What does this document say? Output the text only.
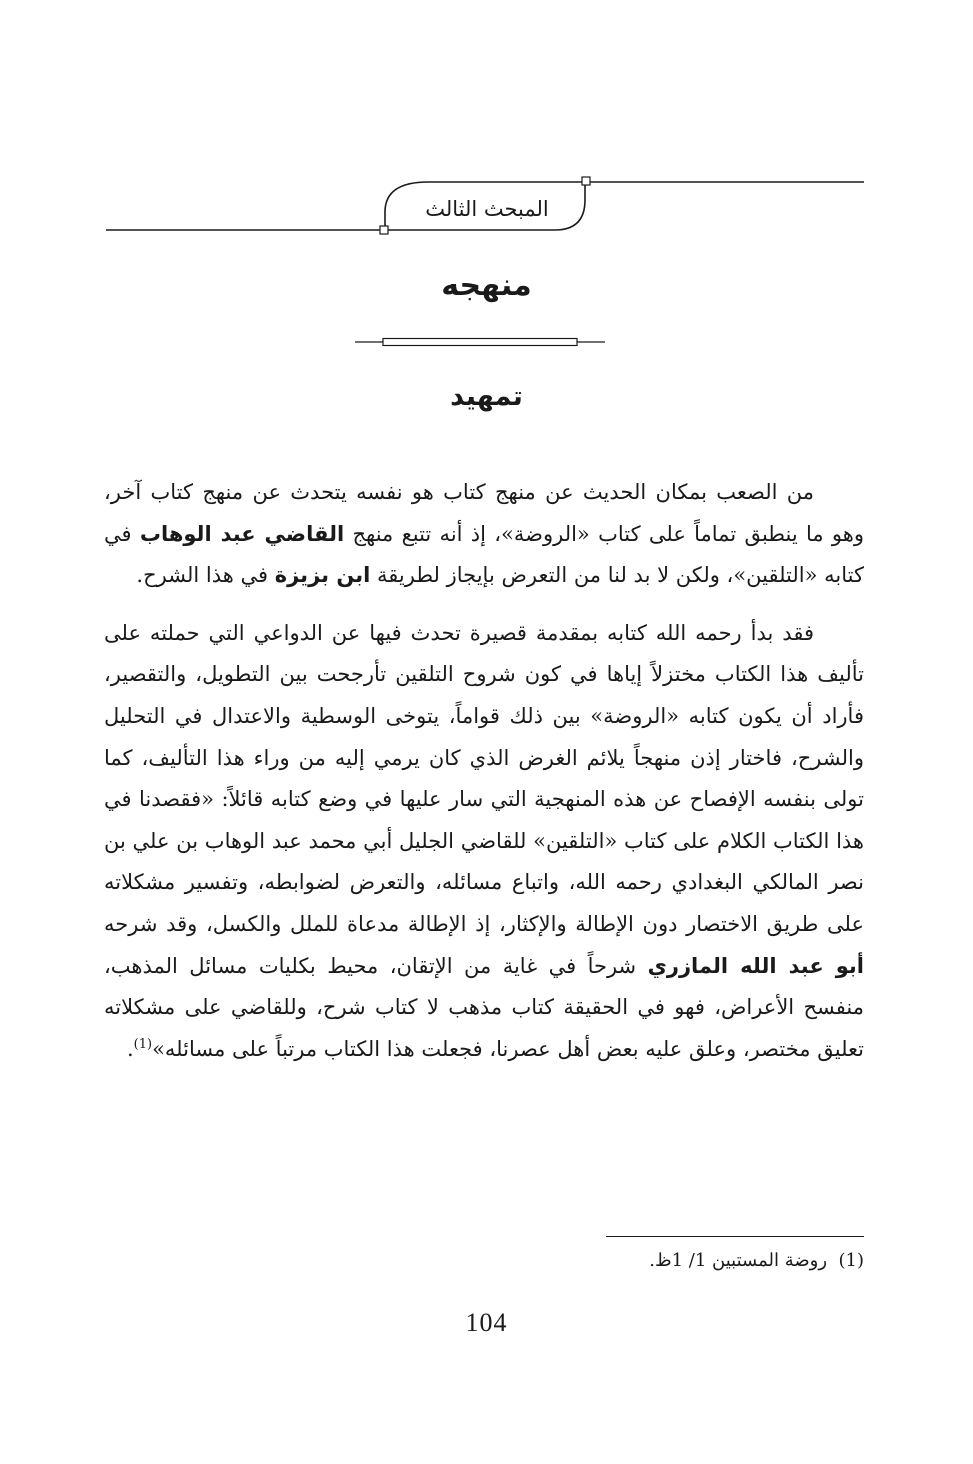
المبحث الثالث
منهجه
تمهيد

من الصعب بمكان الحديث عن منهج كتاب هو نفسه يتحدث عن منهج كتاب آخر، وهو ما ينطبق تماماً على كتاب «الروضة»، إذ أنه تتبع منهج القاضي عبد الوهاب في كتابه «التلقين»، ولكن لا بد لنا من التعرض بإيجاز لطريقة ابن بزيزة في هذا الشرح.

فقد بدأ رحمه الله كتابه بمقدمة قصيرة تحدث فيها عن الدواعي التي حملته على تأليف هذا الكتاب مختزلاً إياها في كون شروح التلقين تأرجحت بين التطويل، والتقصير، فأراد أن يكون كتابه «الروضة» بين ذلك قواماً، يتوخى الوسطية والاعتدال في التحليل والشرح، فاختار إذن منهجاً يلائم الغرض الذي كان يرمي إليه من وراء هذا التأليف، كما تولى بنفسه الإفصاح عن هذه المنهجية التي سار عليها في وضع كتابه قائلاً: «فقصدنا في هذا الكتاب الكلام على كتاب «التلقين» للقاضي الجليل أبي محمد عبد الوهاب بن علي بن نصر المالكي البغدادي رحمه الله، واتباع مسائله، والتعرض لضوابطه، وتفسير مشكلاته على طريق الاختصار دون الإطالة والإكثار، إذ الإطالة مدعاة للملل والكسل، وقد شرحه أبو عبد الله المازري شرحاً في غاية من الإتقان، محيط بكليات مسائل المذهب، منفسح الأعراض، فهو في الحقيقة كتاب مذهب لا كتاب شرح، وللقاضي على مشكلاته تعليق مختصر، وعلق عليه بعض أهل عصرنا، فجعلت هذا الكتاب مرتباً على مسائله»$^{(1)}$.

(1)  روضة المستبين 1/ 1ظ.
104
